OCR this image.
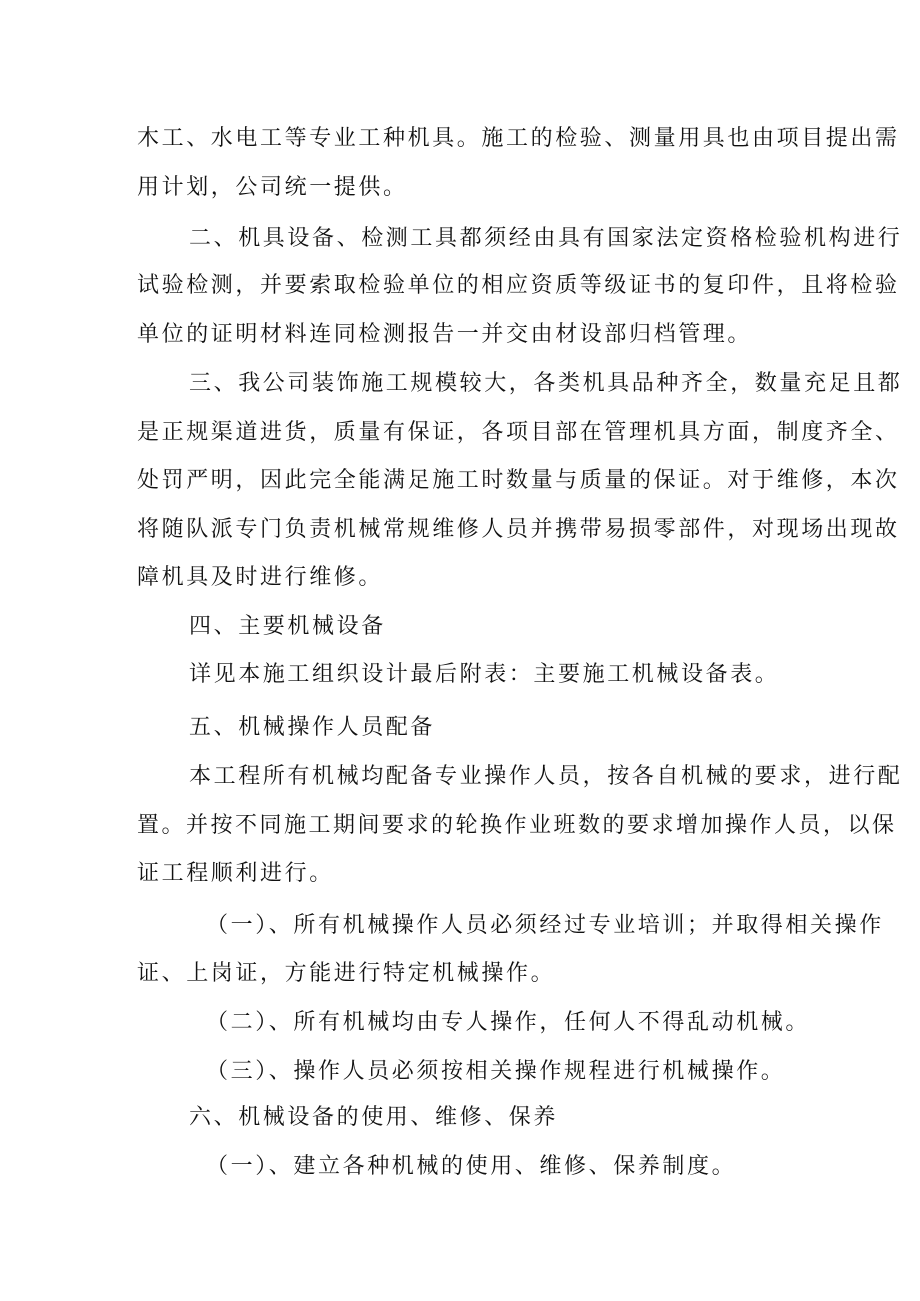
木工、水电工等专业工种机具。施工的检验、测量用具也由项目提出需
用计划，公司统一提供。
二、机具设备、检测工具都须经由具有国家法定资格检验机构进行
试验检测，并要索取检验单位的相应资质等级证书的复印件，且将检验
单位的证明材料连同检测报告一并交由材设部归档管理。
三、我公司装饰施工规模较大，各类机具品种齐全，数量充足且都
是正规渠道进货，质量有保证，各项目部在管理机具方面，制度齐全、
处罚严明，因此完全能满足施工时数量与质量的保证。对于维修，本次
将随队派专门负责机械常规维修人员并携带易损零部件，对现场出现故
障机具及时进行维修。
四、主要机械设备
详见本施工组织设计最后附表：主要施工机械设备表。
五、机械操作人员配备
本工程所有机械均配备专业操作人员，按各自机械的要求，进行配
置。并按不同施工期间要求的轮换作业班数的要求增加操作人员，以保
证工程顺利进行。
（一）、所有机械操作人员必须经过专业培训；并取得相关操作
证、上岗证，方能进行特定机械操作。
（二）、所有机械均由专人操作，任何人不得乱动机械。
（三）、操作人员必须按相关操作规程进行机械操作。
六、机械设备的使用、维修、保养
（一）、建立各种机械的使用、维修、保养制度。
